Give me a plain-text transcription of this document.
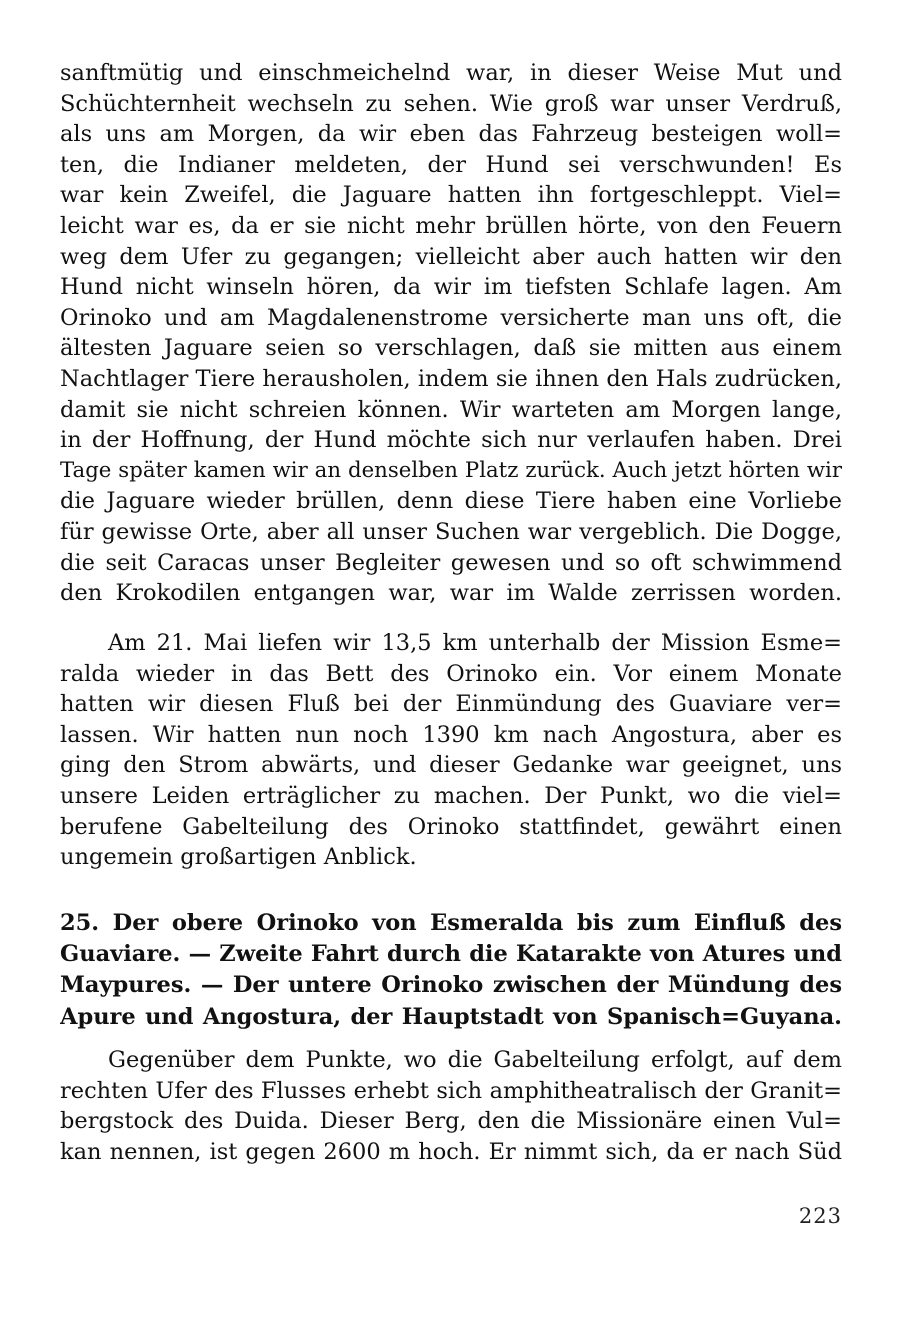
sanftmütig und einschmeichelnd war, in dieser Weise Mut und
Schüchternheit wechseln zu sehen. Wie groß war unser Verdruß,
als uns am Morgen, da wir eben das Fahrzeug besteigen woll=
ten, die Indianer meldeten, der Hund sei verschwunden! Es
war kein Zweifel, die Jaguare hatten ihn fortgeschleppt. Viel=
leicht war es, da er sie nicht mehr brüllen hörte, von den Feuern
weg dem Ufer zu gegangen; vielleicht aber auch hatten wir den
Hund nicht winseln hören, da wir im tiefsten Schlafe lagen. Am
Orinoko und am Magdalenenstrome versicherte man uns oft, die
ältesten Jaguare seien so verschlagen, daß sie mitten aus einem
Nachtlager Tiere herausholen, indem sie ihnen den Hals zudrücken,
damit sie nicht schreien können. Wir warteten am Morgen lange,
in der Hoffnung, der Hund möchte sich nur verlaufen haben. Drei
Tage später kamen wir an denselben Platz zurück. Auch jetzt hörten wir
die Jaguare wieder brüllen, denn diese Tiere haben eine Vorliebe
für gewisse Orte, aber all unser Suchen war vergeblich. Die Dogge,
die seit Caracas unser Begleiter gewesen und so oft schwimmend
den Krokodilen entgangen war, war im Walde zerrissen worden.
Am 21. Mai liefen wir 13,5 km unterhalb der Mission Esme=
ralda wieder in das Bett des Orinoko ein. Vor einem Monate
hatten wir diesen Fluß bei der Einmündung des Guaviare ver=
lassen. Wir hatten nun noch 1390 km nach Angostura, aber es
ging den Strom abwärts, und dieser Gedanke war geeignet, uns
unsere Leiden erträglicher zu machen. Der Punkt, wo die viel=
berufene Gabelteilung des Orinoko stattfindet, gewährt einen
ungemein großartigen Anblick.
25. Der obere Orinoko von Esmeralda bis zum Einfluß des
Guaviare. — Zweite Fahrt durch die Katarakte von Atures und
Maypures. — Der untere Orinoko zwischen der Mündung des
Apure und Angostura, der Hauptstadt von Spanisch=Guyana.
Gegenüber dem Punkte, wo die Gabelteilung erfolgt, auf dem
rechten Ufer des Flusses erhebt sich amphitheatralisch der Granit=
bergstock des Duida. Dieser Berg, den die Missionäre einen Vul=
kan nennen, ist gegen 2600 m hoch. Er nimmt sich, da er nach Süd
223
